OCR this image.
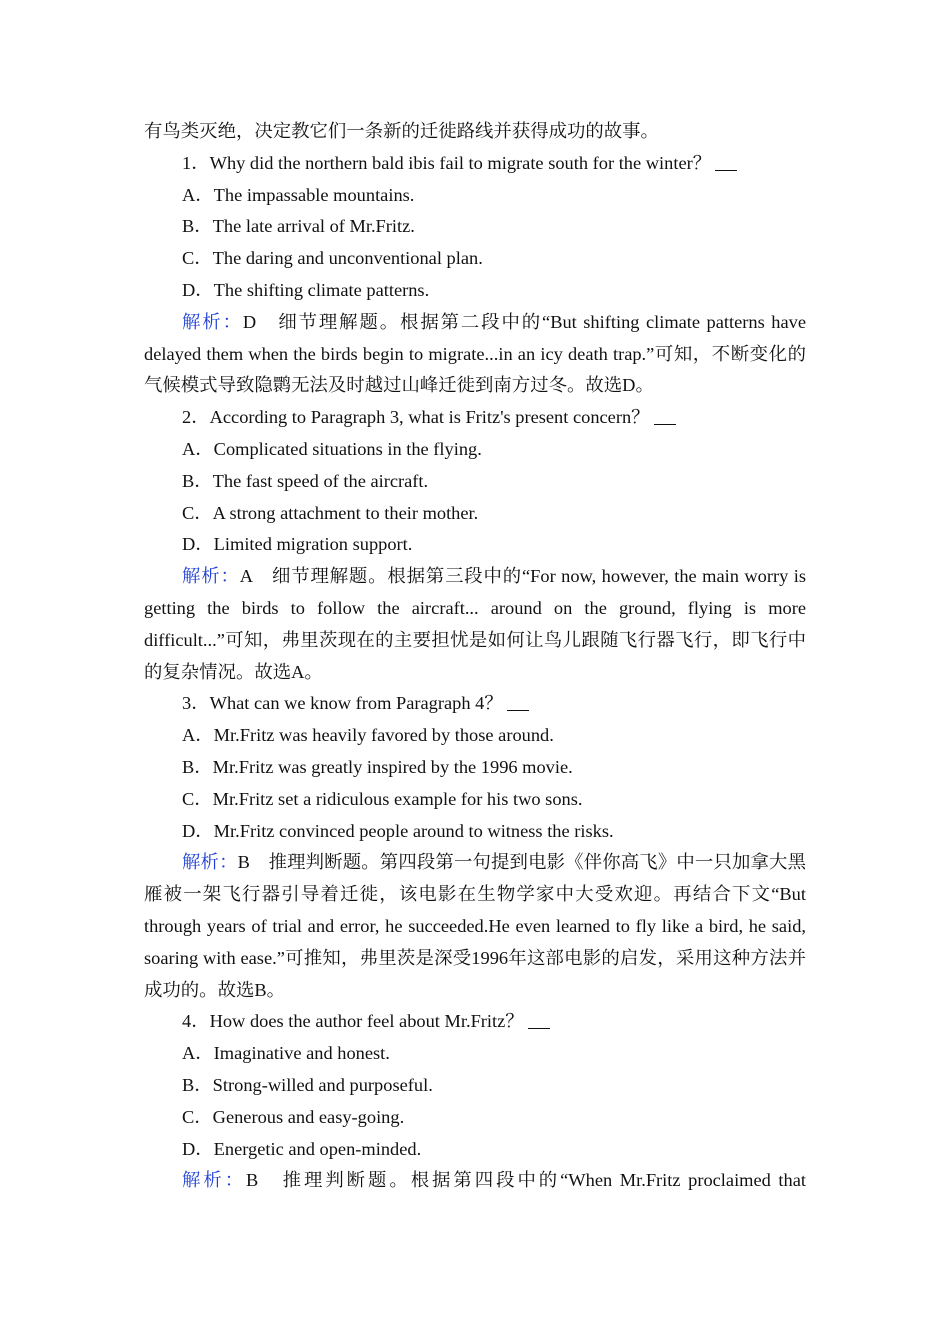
有鸟类灭绝，决定教它们一条新的迁徙路线并获得成功的故事。

1．Why did the northern bald ibis fail to migrate south for the winter？

A．The impassable mountains.

B．The late arrival of Mr.Fritz.

C．The daring and unconventional plan.

D．The shifting climate patterns.

解析：D　细节理解题。根据第二段中的“But shifting climate patterns have delayed them when the birds begin to migrate...in an icy death trap.”可知，不断变化的气候模式导致隐鹮无法及时越过山峰迁徙到南方过冬。故选D。

2．According to Paragraph 3, what is Fritz's present concern？

A．Complicated situations in the flying.

B．The fast speed of the aircraft.

C．A strong attachment to their mother.

D．Limited migration support.

解析：A　细节理解题。根据第三段中的“For now, however, the main worry is getting the birds to follow the aircraft... around on the ground, flying is more difficult...”可知，弗里茨现在的主要担忧是如何让鸟儿跟随飞行器飞行，即飞行中的复杂情况。故选A。

3．What can we know from Paragraph 4？

A．Mr.Fritz was heavily favored by those around.

B．Mr.Fritz was greatly inspired by the 1996 movie.

C．Mr.Fritz set a ridiculous example for his two sons.

D．Mr.Fritz convinced people around to witness the risks.

解析：B　推理判断题。第四段第一句提到电影《伴你高飞》中一只加拿大黑雁被一架飞行器引导着迁徙，该电影在生物学家中大受欢迎。再结合下文“But through years of trial and error, he succeeded.He even learned to fly like a bird, he said, soaring with ease.”可推知，弗里茨是深受1996年这部电影的启发，采用这种方法并成功的。故选B。

4．How does the author feel about Mr.Fritz？

A．Imaginative and honest.

B．Strong-willed and purposeful.

C．Generous and easy-going.

D．Energetic and open-minded.

解析：B　推理判断题。根据第四段中的“When Mr.Fritz proclaimed that
